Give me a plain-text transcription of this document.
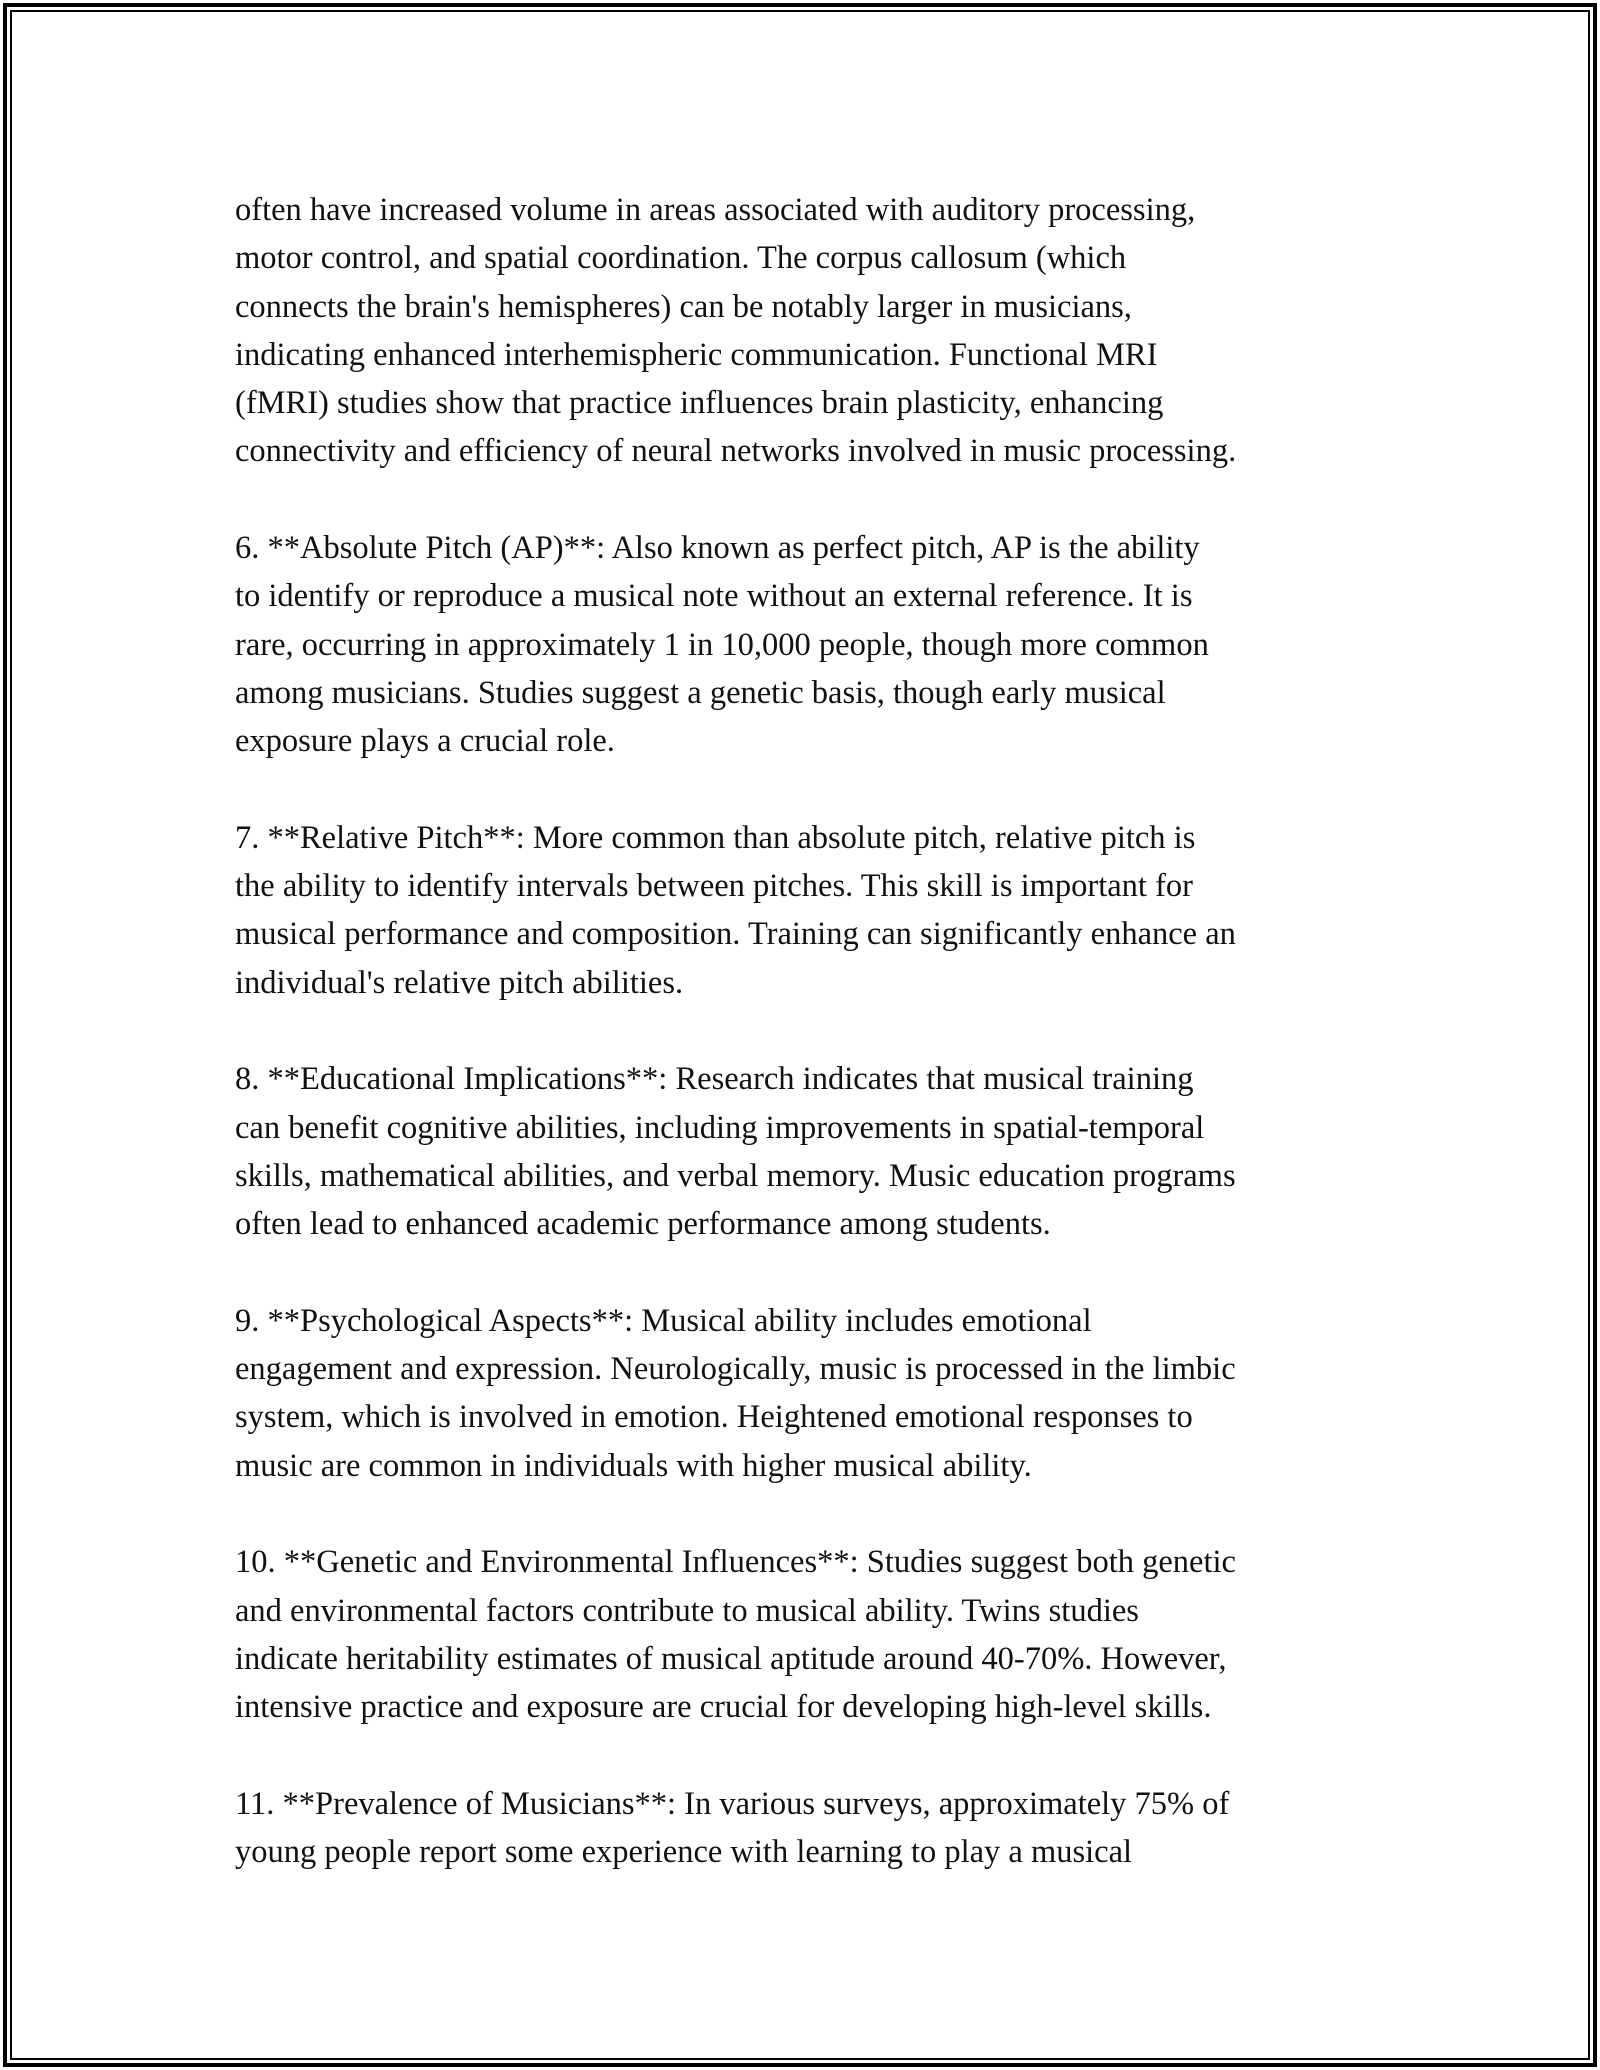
often have increased volume in areas associated with auditory processing,
motor control, and spatial coordination. The corpus callosum (which
connects the brain's hemispheres) can be notably larger in musicians,
indicating enhanced interhemispheric communication. Functional MRI
(fMRI) studies show that practice influences brain plasticity, enhancing
connectivity and efficiency of neural networks involved in music processing.

6. **Absolute Pitch (AP)**: Also known as perfect pitch, AP is the ability
to identify or reproduce a musical note without an external reference. It is
rare, occurring in approximately 1 in 10,000 people, though more common
among musicians. Studies suggest a genetic basis, though early musical
exposure plays a crucial role.

7. **Relative Pitch**: More common than absolute pitch, relative pitch is
the ability to identify intervals between pitches. This skill is important for
musical performance and composition. Training can significantly enhance an
individual's relative pitch abilities.

8. **Educational Implications**: Research indicates that musical training
can benefit cognitive abilities, including improvements in spatial-temporal
skills, mathematical abilities, and verbal memory. Music education programs
often lead to enhanced academic performance among students.

9. **Psychological Aspects**: Musical ability includes emotional
engagement and expression. Neurologically, music is processed in the limbic
system, which is involved in emotion. Heightened emotional responses to
music are common in individuals with higher musical ability.

10. **Genetic and Environmental Influences**: Studies suggest both genetic
and environmental factors contribute to musical ability. Twins studies
indicate heritability estimates of musical aptitude around 40-70%. However,
intensive practice and exposure are crucial for developing high-level skills.

11. **Prevalence of Musicians**: In various surveys, approximately 75% of
young people report some experience with learning to play a musical
